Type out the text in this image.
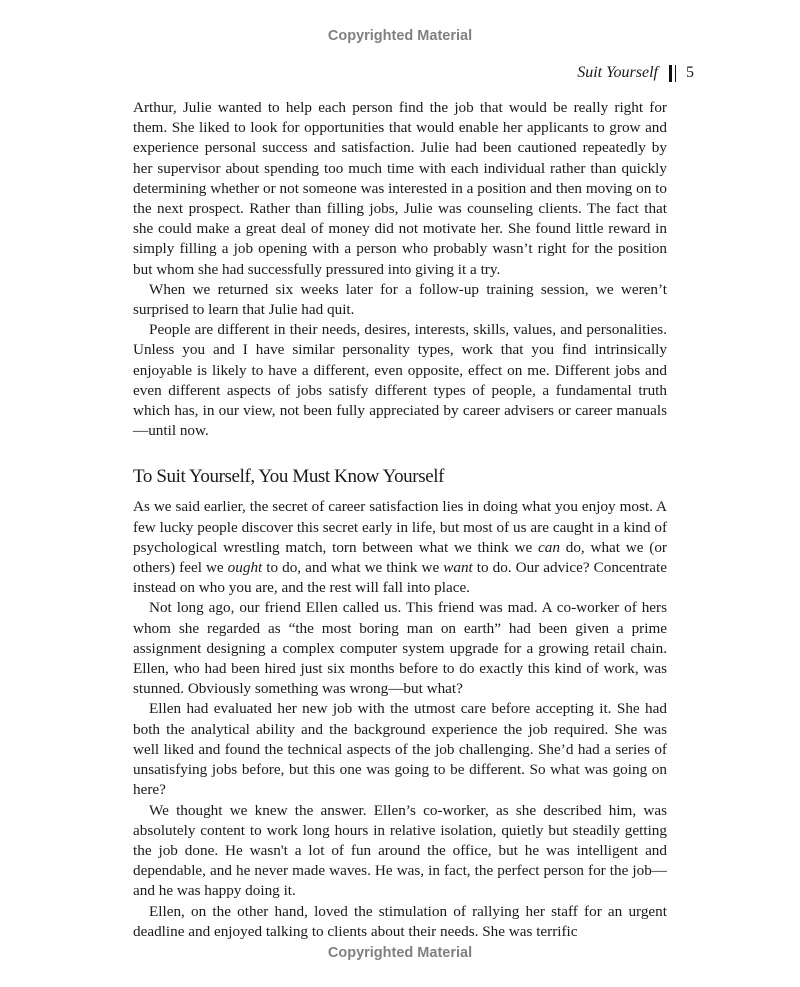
Copyrighted Material
Suit Yourself 5

Arthur, Julie wanted to help each person find the job that would be really right for them. She liked to look for opportunities that would enable her applicants to grow and experience personal success and satisfaction. Julie had been cautioned repeatedly by her supervisor about spending too much time with each individual rather than quickly determining whether or not someone was interested in a position and then moving on to the next prospect. Rather than filling jobs, Julie was counseling clients. The fact that she could make a great deal of money did not motivate her. She found little reward in simply filling a job opening with a person who probably wasn’t right for the position but whom she had successfully pressured into giving it a try.

When we returned six weeks later for a follow-up training session, we weren’t surprised to learn that Julie had quit.

People are different in their needs, desires, interests, skills, values, and personalities. Unless you and I have similar personality types, work that you find intrinsically enjoyable is likely to have a different, even opposite, effect on me. Different jobs and even different aspects of jobs satisfy different types of people, a fundamental truth which has, in our view, not been fully appreciated by career advisers or career manuals—until now.

To Suit Yourself, You Must Know Yourself

As we said earlier, the secret of career satisfaction lies in doing what you enjoy most. A few lucky people discover this secret early in life, but most of us are caught in a kind of psychological wrestling match, torn between what we think we can do, what we (or others) feel we ought to do, and what we think we want to do. Our advice? Concentrate instead on who you are, and the rest will fall into place.

Not long ago, our friend Ellen called us. This friend was mad. A co-worker of hers whom she regarded as “the most boring man on earth” had been given a prime assignment designing a complex computer system upgrade for a growing retail chain. Ellen, who had been hired just six months before to do exactly this kind of work, was stunned. Obviously something was wrong—but what?

Ellen had evaluated her new job with the utmost care before accepting it. She had both the analytical ability and the background experience the job required. She was well liked and found the technical aspects of the job challenging. She’d had a series of unsatisfying jobs before, but this one was going to be different. So what was going on here?

We thought we knew the answer. Ellen’s co-worker, as she described him, was absolutely content to work long hours in relative isolation, quietly but steadily getting the job done. He wasn't a lot of fun around the office, but he was intelligent and dependable, and he never made waves. He was, in fact, the perfect person for the job—and he was happy doing it.

Ellen, on the other hand, loved the stimulation of rallying her staff for an urgent deadline and enjoyed talking to clients about their needs. She was terrific

Copyrighted Material
